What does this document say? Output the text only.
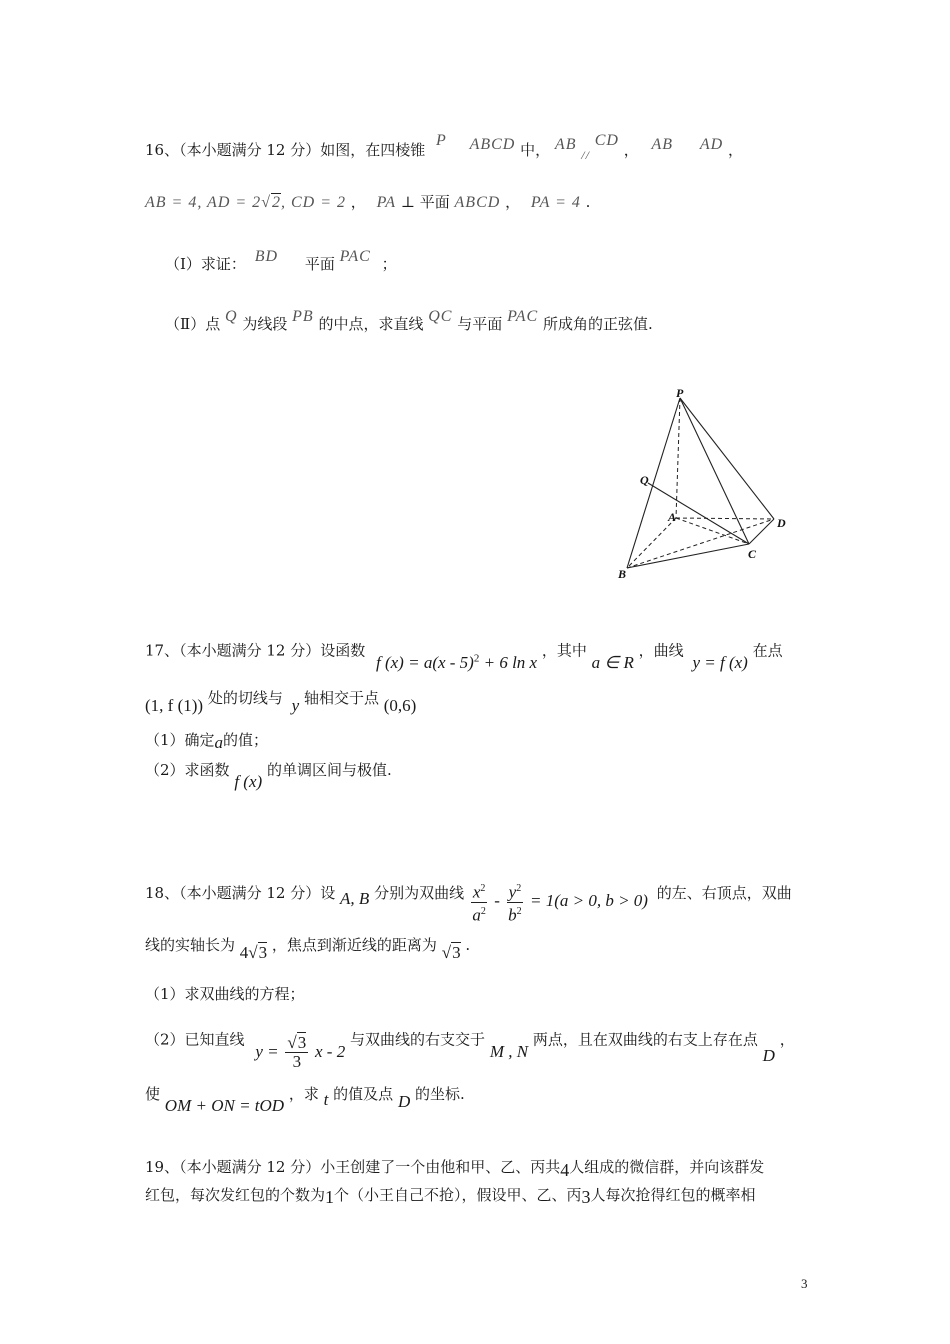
16、（本小题满分 12 分）如图，在四棱锥 P ABCD 中， AB $_{//}$ CD ， AB AD ，
AB = 4, AD = 2√2, CD = 2 ， PA ⊥ 平面 ABCD ， PA = 4 .
（Ⅰ）求证： BD 平面 PAC ；
（Ⅱ）点 Q 为线段 PB 的中点，求直线 QC 与平面 PAC 所成角的正弦值.
P
Q
A
B
C
D
17、（本小题满分 12 分）设函数 f (x) = a(x - 5)$^2$ + 6 ln x ，其中 a ∈ R ，曲线 y = f (x) 在点
(1, f (1)) 处的切线与 y 轴相交于点 (0,6)
（1）确定a的值；
（2）求函数 f (x) 的单调区间与极值.
18、（本小题满分 12 分）设 A, B 分别为双曲线 $\frac{x^2}{a^2} - \frac{y^2}{b^2} = 1(a > 0$, b > 0) 的左、右顶点，双曲
线的实轴长为 4√3 ，焦点到渐近线的距离为 √3 .
（1）求双曲线的方程；
（2）已知直线 $y = \frac{√3}{3}$ x - 2 与双曲线的右支交于 M , N 两点，且在双曲线的右支上存在点 D ，
使 OM + ON = tOD ，求 t 的值及点 D 的坐标.
19、（本小题满分 12 分）小王创建了一个由他和甲、乙、丙共4人组成的微信群，并向该群发
红包，每次发红包的个数为1个（小王自己不抢），假设甲、乙、丙3人每次抢得红包的概率相
3
